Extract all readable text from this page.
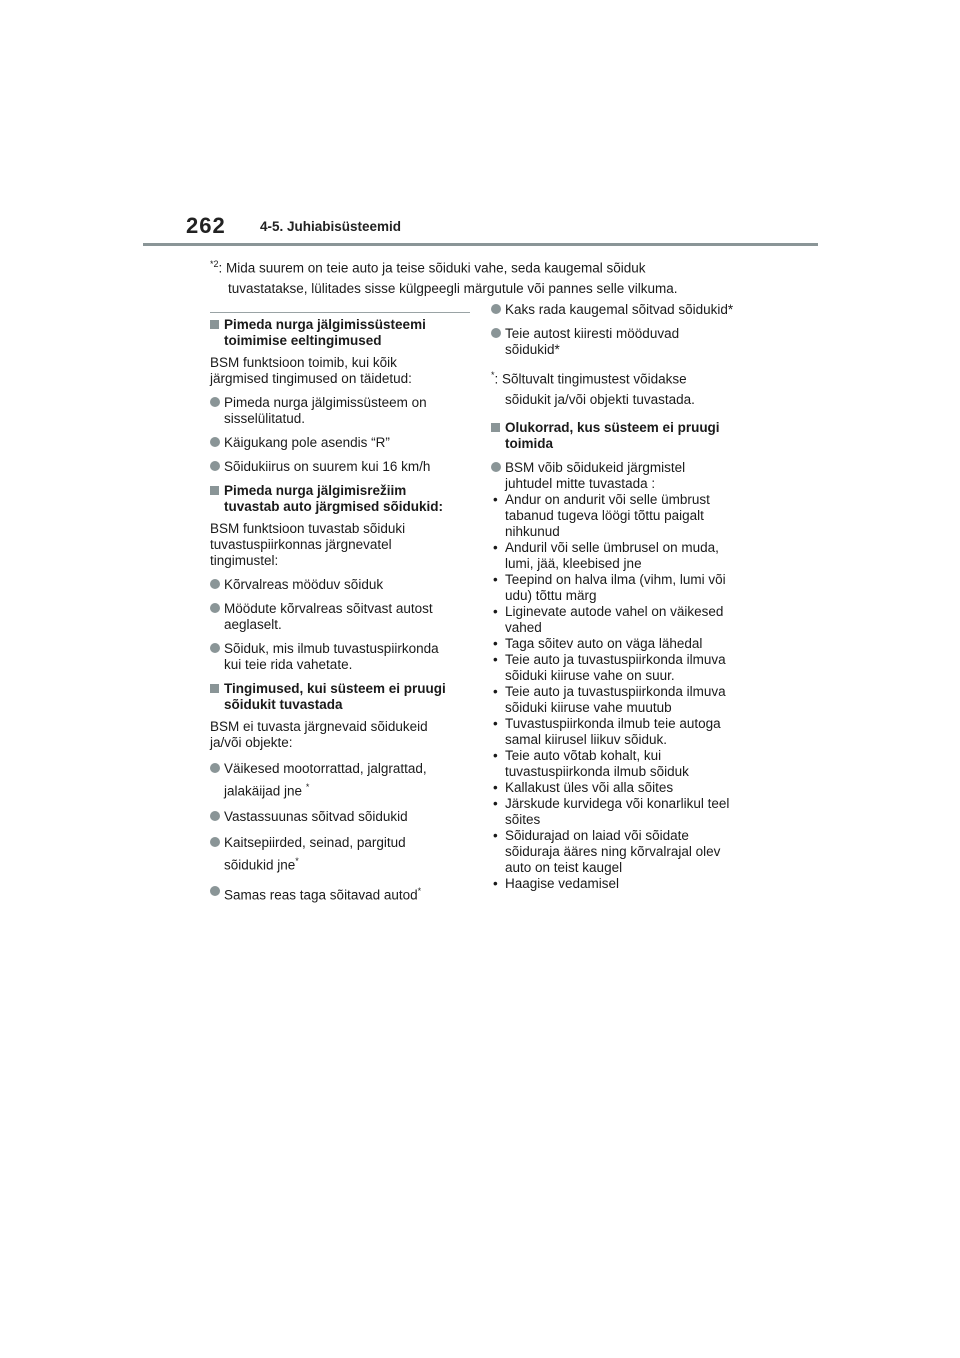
262	4-5. Juhiabisüsteemid
$^{*2}$: Mida suurem on teie auto ja teise sõiduki vahe, seda kaugemal sõiduk
tuvastatakse, lülitades sisse külgpeegli märgutule või pannes selle vilkuma.
Pimeda nurga jälgimissüsteemi
toimimise eeltingimused
BSM funktsioon toimib, kui kõik
järgmised tingimused on täidetud:
Pimeda nurga jälgimissüsteem on
sisselülitatud.
Käigukang pole asendis “R”
Sõidukiirus on suurem kui 16 km/h
Pimeda nurga jälgimisrežiim
tuvastab auto järgmised sõidukid:
BSM funktsioon tuvastab sõiduki
tuvastuspiirkonnas järgnevatel
tingimustel:
Kõrvalreas mööduv sõiduk
Möödute kõrvalreas sõitvast autost
aeglaselt.
Sõiduk, mis ilmub tuvastuspiirkonda
kui teie rida vahetate.
Tingimused, kui süsteem ei pruugi
sõidukit tuvastada
BSM ei tuvasta järgnevaid sõidukeid
ja/või objekte:
Väikesed mootorrattad, jalgrattad,
jalakäijad jne *
Vastassuunas sõitvad sõidukid
Kaitsepiirded, seinad, pargitud
sõidukid jne*
Samas reas taga sõitavad autod*
Kaks rada kaugemal sõitvad sõidukid*
Teie autost kiiresti mööduvad
sõidukid*
*: Sõltuvalt tingimustest võidakse
sõidukit ja/või objekti tuvastada.
Olukorrad, kus süsteem ei pruugi
toimida
BSM võib sõidukeid järgmistel
juhtudel mitte tuvastada :
• Andur on andurit või selle ümbrust
tabanud tugeva löögi tõttu paigalt
nihkunud
• Anduril või selle ümbrusel on muda,
lumi, jää, kleebised jne
• Teepind on halva ilma (vihm, lumi või
udu) tõttu märg
• Liginevate autode vahel on väikesed
vahed
• Taga sõitev auto on väga lähedal
• Teie auto ja tuvastuspiirkonda ilmuva
sõiduki kiiruse vahe on suur.
• Teie auto ja tuvastuspiirkonda ilmuva
sõiduki kiiruse vahe muutub
• Tuvastuspiirkonda ilmub teie autoga
samal kiirusel liikuv sõiduk.
• Teie auto võtab kohalt, kui
tuvastuspiirkonda ilmub sõiduk
• Kallakust üles või alla sõites
• Järskude kurvidega või konarlikul teel
sõites
• Sõidurajad on laiad või sõidate
sõiduraja ääres ning kõrvalrajal olev
auto on teist kaugel
• Haagise vedamisel
